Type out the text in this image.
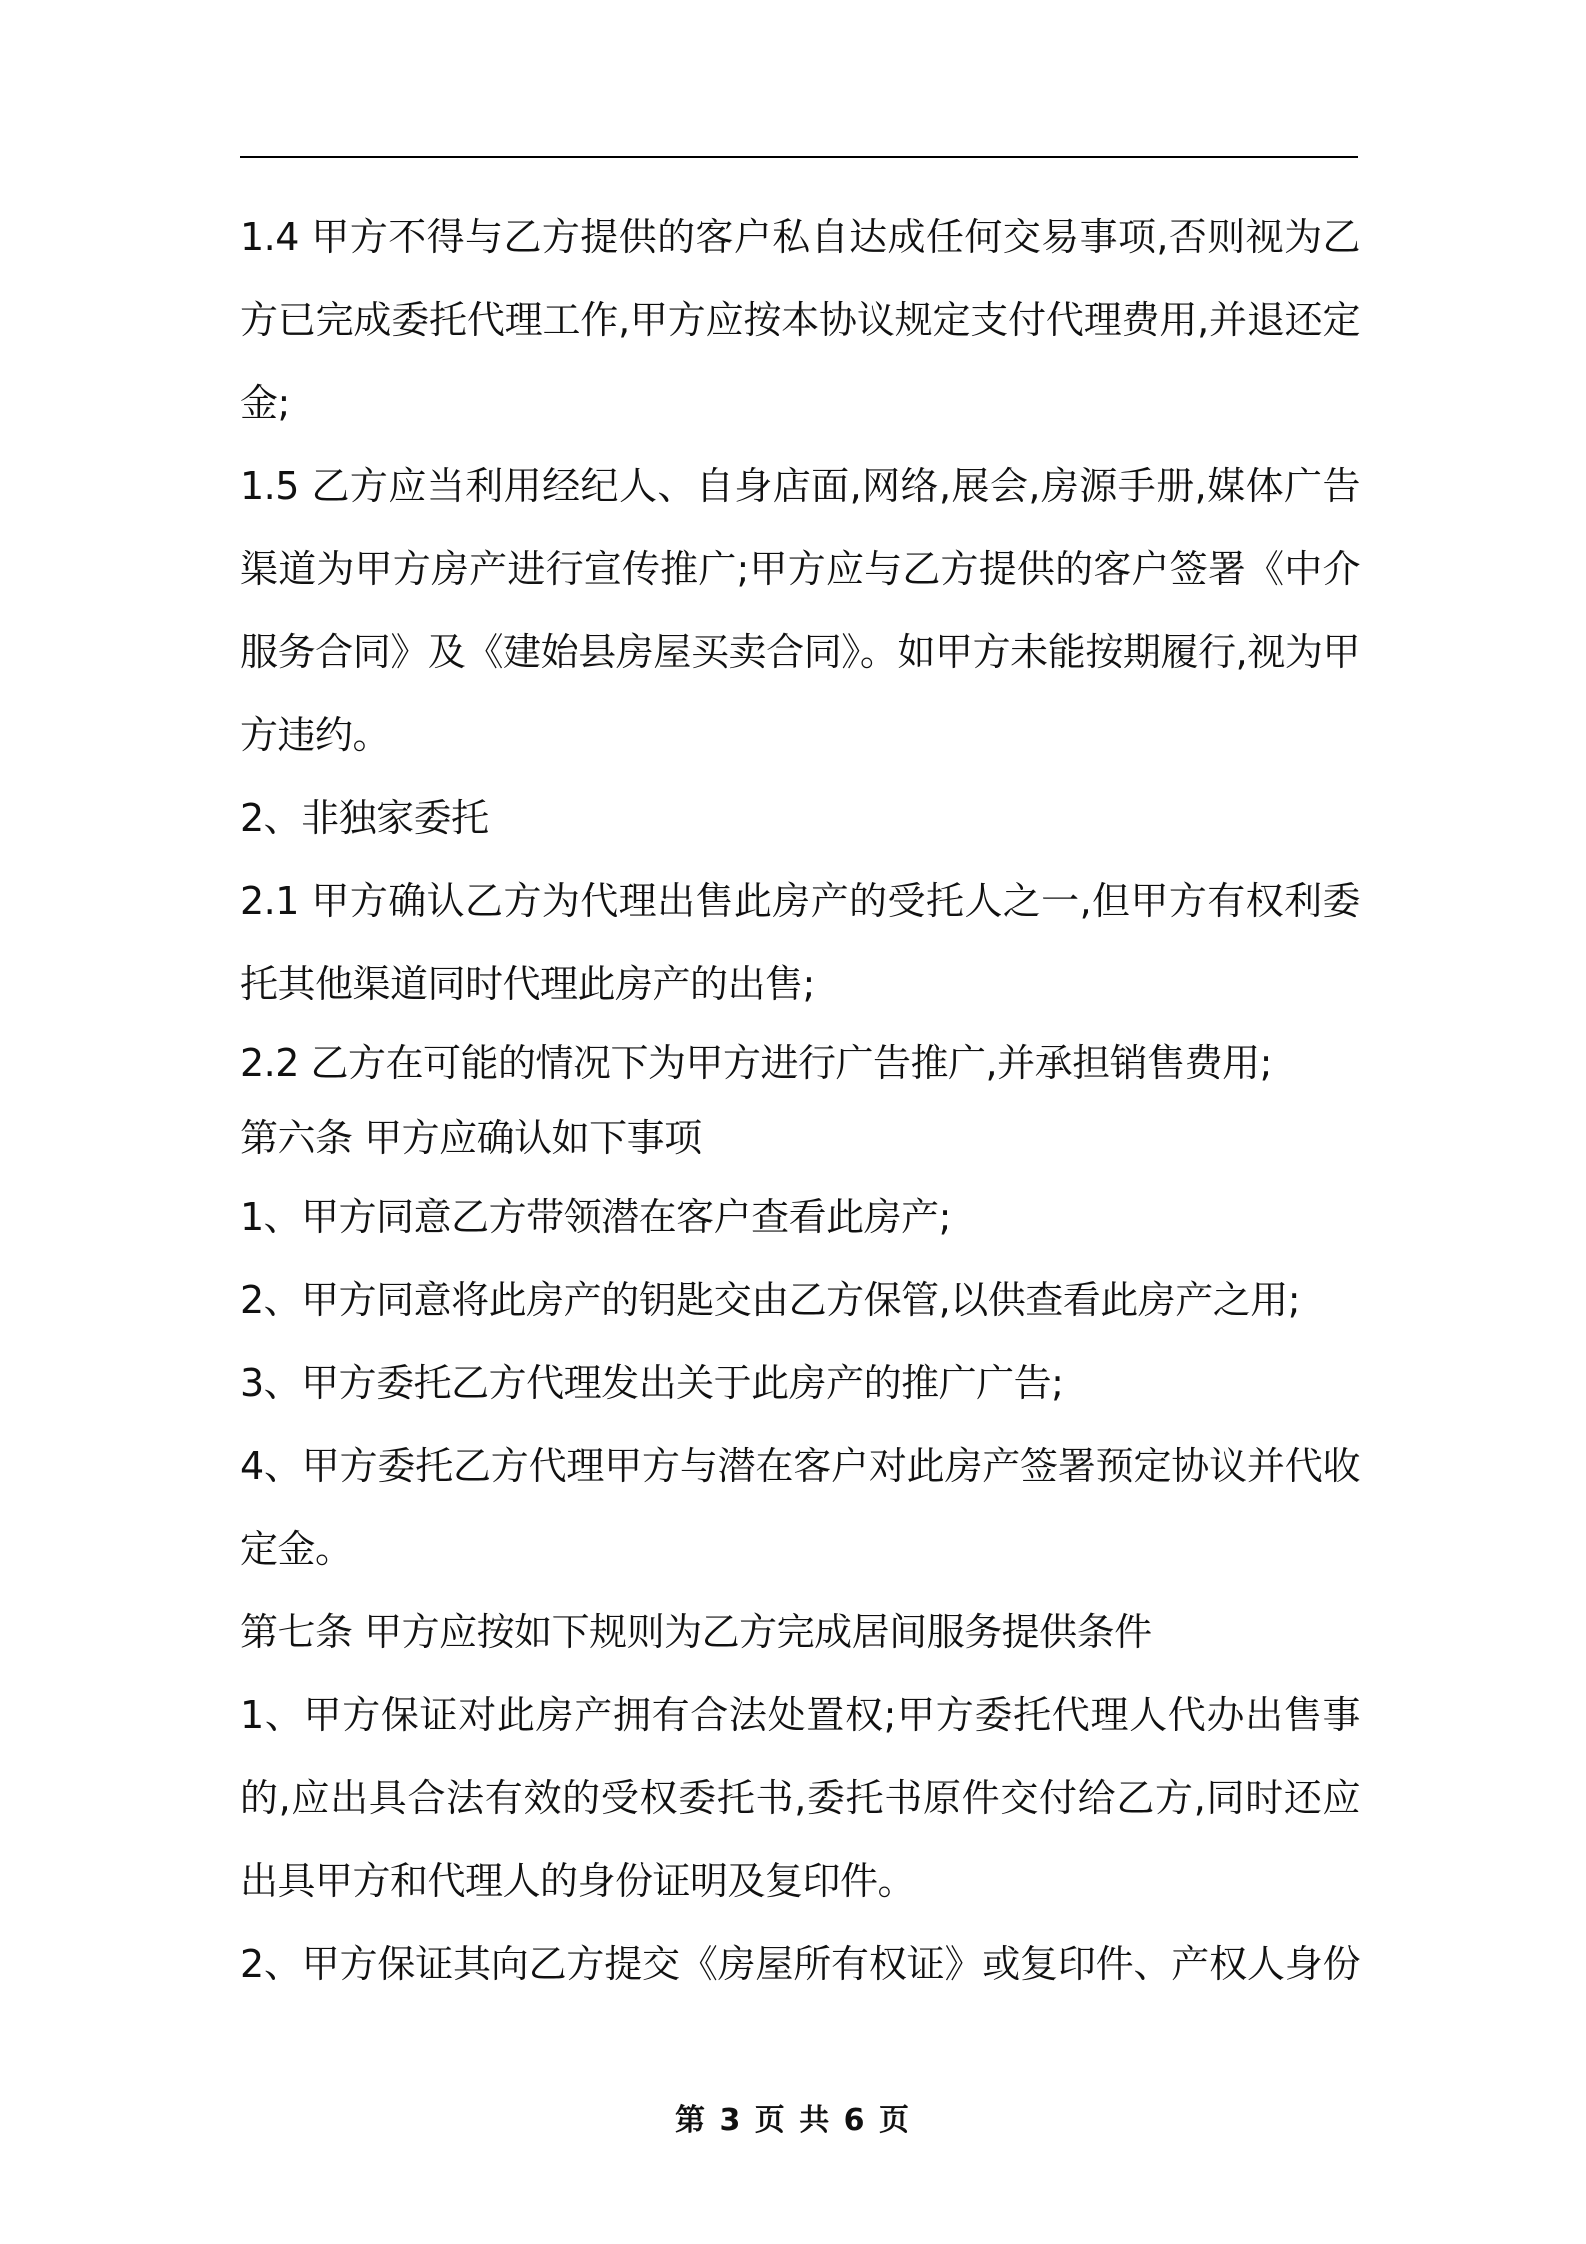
1.4 甲方不得与乙方提供的客户私自达成任何交易事项,否则视为乙
方已完成委托代理工作,甲方应按本协议规定支付代理费用,并退还定
金;
1.5 乙方应当利用经纪人、自身店面,网络,展会,房源手册,媒体广告
渠道为甲方房产进行宣传推广;甲方应与乙方提供的客户签署《中介
服务合同》及《建始县房屋买卖合同》。如甲方未能按期履行,视为甲
方违约。
2、非独家委托
2.1 甲方确认乙方为代理出售此房产的受托人之一,但甲方有权利委
托其他渠道同时代理此房产的出售;
2.2 乙方在可能的情况下为甲方进行广告推广,并承担销售费用;
第六条 甲方应确认如下事项
1、甲方同意乙方带领潜在客户查看此房产;
2、甲方同意将此房产的钥匙交由乙方保管,以供查看此房产之用;
3、甲方委托乙方代理发出关于此房产的推广广告;
4、甲方委托乙方代理甲方与潜在客户对此房产签署预定协议并代收
定金。
第七条 甲方应按如下规则为乙方完成居间服务提供条件
1、甲方保证对此房产拥有合法处置权;甲方委托代理人代办出售事
的,应出具合法有效的受权委托书,委托书原件交付给乙方,同时还应
出具甲方和代理人的身份证明及复印件。
2、甲方保证其向乙方提交《房屋所有权证》或复印件、产权人身份
第 3 页 共 6 页
